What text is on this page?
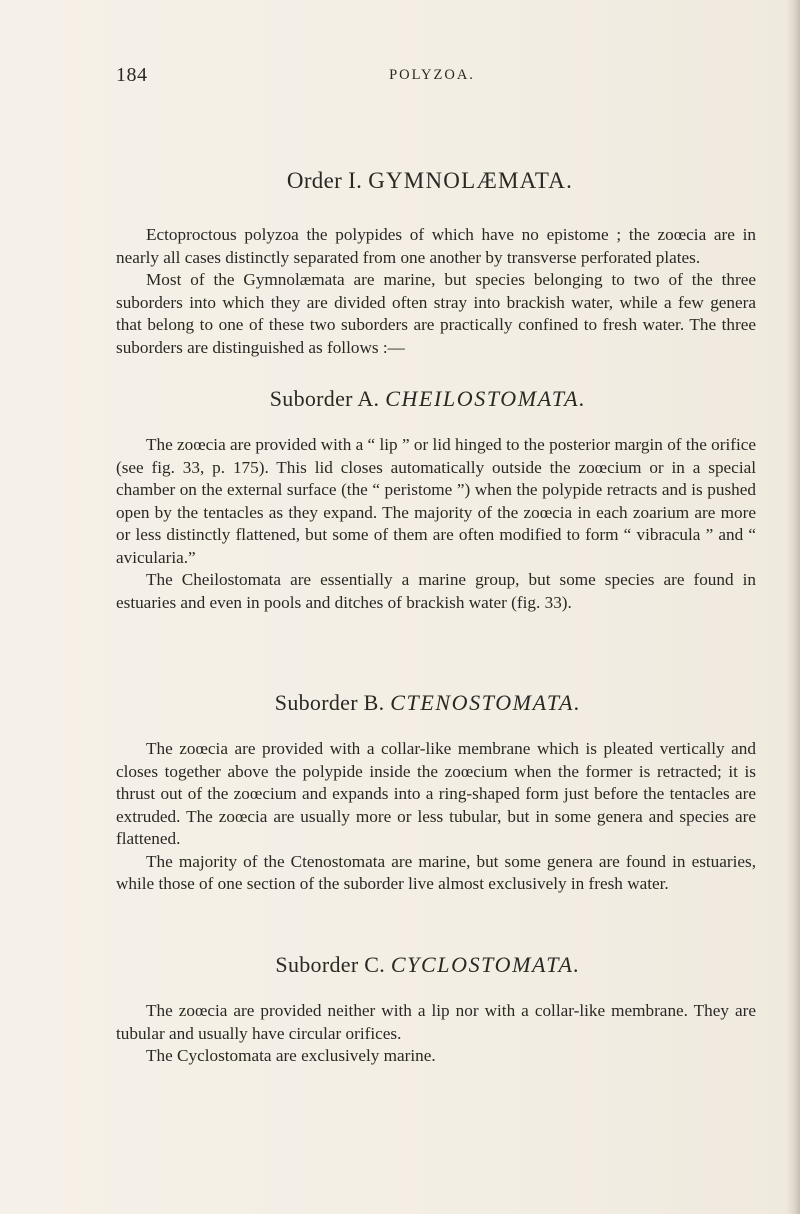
184	POLYZOA.
Order I. GYMNOLÆMATA.

Ectoproctous polyzoa the polypides of which have no epistome ; the zoœcia are in nearly all cases distinctly separated from one another by transverse perforated plates.

Most of the Gymnolæmata are marine, but species belonging to two of the three suborders into which they are divided often stray into brackish water, while a few genera that belong to one of these two suborders are practically confined to fresh water. The three suborders are distinguished as follows :—

Suborder A. CHEILOSTOMATA.

The zoœcia are provided with a “ lip ” or lid hinged to the posterior margin of the orifice (see fig. 33, p. 175). This lid closes automatically outside the zoœcium or in a special chamber on the external surface (the “ peristome ”) when the polypide retracts and is pushed open by the tentacles as they expand. The majority of the zoœcia in each zoarium are more or less distinctly flattened, but some of them are often modified to form “ vibracula ” and “ avicularia.”

The Cheilostomata are essentially a marine group, but some species are found in estuaries and even in pools and ditches of brackish water (fig. 33).

Suborder B. CTENOSTOMATA.

The zoœcia are provided with a collar-like membrane which is pleated vertically and closes together above the polypide inside the zoœcium when the former is retracted; it is thrust out of the zoœcium and expands into a ring-shaped form just before the tentacles are extruded. The zoœcia are usually more or less tubular, but in some genera and species are flattened.

The majority of the Ctenostomata are marine, but some genera are found in estuaries, while those of one section of the suborder live almost exclusively in fresh water.

Suborder C. CYCLOSTOMATA.

The zoœcia are provided neither with a lip nor with a collar-like membrane. They are tubular and usually have circular orifices.

The Cyclostomata are exclusively marine.
